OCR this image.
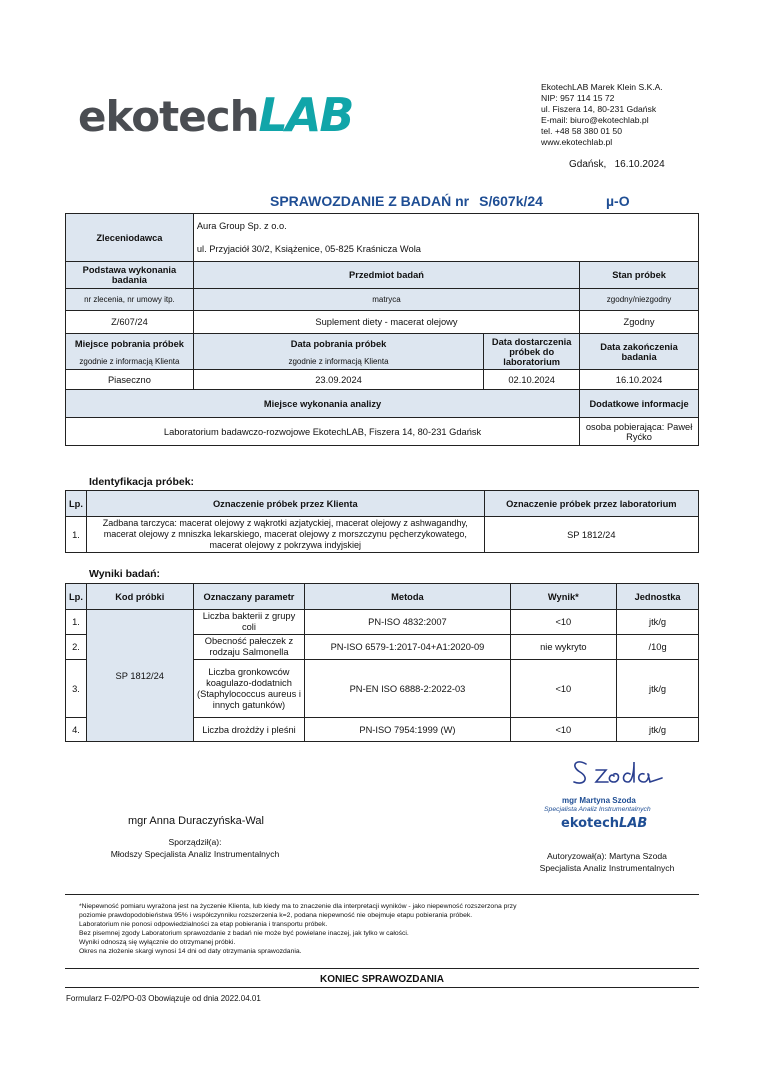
ekotechLAB
EkotechLAB Marek Klein S.K.A.
NIP: 957 114 15 72
ul. Fiszera 14, 80-231 Gdańsk
E-mail: biuro@ekotechlab.pl
tel. +48 58 380 01 50
www.ekotechlab.pl
Gdańsk, 16.10.2024
SPRAWOZDANIE Z BADAŃ nr S/607k/24	µ-O
Zleceniodawca	Aura Group Sp. z o.o.		
	ul. Przyjaciół 30/2, Książenice, 05-825 Kraśnicza Wola		
Podstawa wykonania badania	Przedmiot badań		Stan próbek
nr zlecenia, nr umowy itp.	matryca		zgodny/niezgodny
Z/607/24	Suplement diety - macerat olejowy		Zgodny
Miejsce pobrania próbek	Data pobrania próbek	Data dostarczenia próbek do laboratorium	Data zakończenia badania
zgodnie z informacją Klienta	zgodnie z informacją Klienta		
Piaseczno	23.09.2024	02.10.2024	16.10.2024
Miejsce wykonania analizy			Dodatkowe informacje
Laboratorium badawczo-rozwojowe EkotechLAB, Fiszera 14, 80-231 Gdańsk			osoba pobierająca: Paweł Ryćko
Identyfikacja próbek:
Lp.	Oznaczenie próbek przez Klienta	Oznaczenie próbek przez laboratorium
1.	Zadbana tarczyca: macerat olejowy z wąkrotki azjatyckiej, macerat olejowy z ashwagandhy, macerat olejowy z mniszka lekarskiego, macerat olejowy z morszczynu pęcherzykowatego, macerat olejowy z pokrzywa indyjskiej	SP 1812/24
Wyniki badań:
Lp.	Kod próbki	Oznaczany parametr	Metoda	Wynik*	Jednostka
1.	SP 1812/24	Liczba bakterii z grupy coli	PN-ISO 4832:2007	<10	jtk/g
2.		Obecność pałeczek z rodzaju Salmonella	PN-ISO 6579-1:2017-04+A1:2020-09	nie wykryto	/10g
3.		Liczba gronkowców koagulazo-dodatnich (Staphylococcus aureus i innych gatunków)	PN-EN ISO 6888-2:2022-03	<10	jtk/g
4.		Liczba drożdży i pleśni	PN-ISO 7954:1999 (W)	<10	jtk/g
mgr Anna Duraczyńska-Wal
Sporządził(a):
Młodszy Specjalista Analiz Instrumentalnych
mgr Martyna Szoda
Specjalista Analiz Instrumentalnych
ekotechLAB
Autoryzował(a): Martyna Szoda
Specjalista Analiz Instrumentalnych
*Niepewność pomiaru wyrażona jest na życzenie Klienta, lub kiedy ma to znaczenie dla interpretacji wyników - jako niepewność rozszerzona przy
poziomie prawdopodobieństwa 95% i współczynniku rozszerzenia k=2, podana niepewność nie obejmuje etapu pobierania próbek.
Laboratorium nie ponosi odpowiedzialności za etap pobierania i transportu próbek.
Bez pisemnej zgody Laboratorium sprawozdanie z badań nie może być powielane inaczej, jak tylko w całości.
Wyniki odnoszą się wyłącznie do otrzymanej próbki.
Okres na złożenie skargi wynosi 14 dni od daty otrzymania sprawozdania.
KONIEC SPRAWOZDANIA
Formularz F-02/PO-03 Obowiązuje od dnia 2022.04.01
